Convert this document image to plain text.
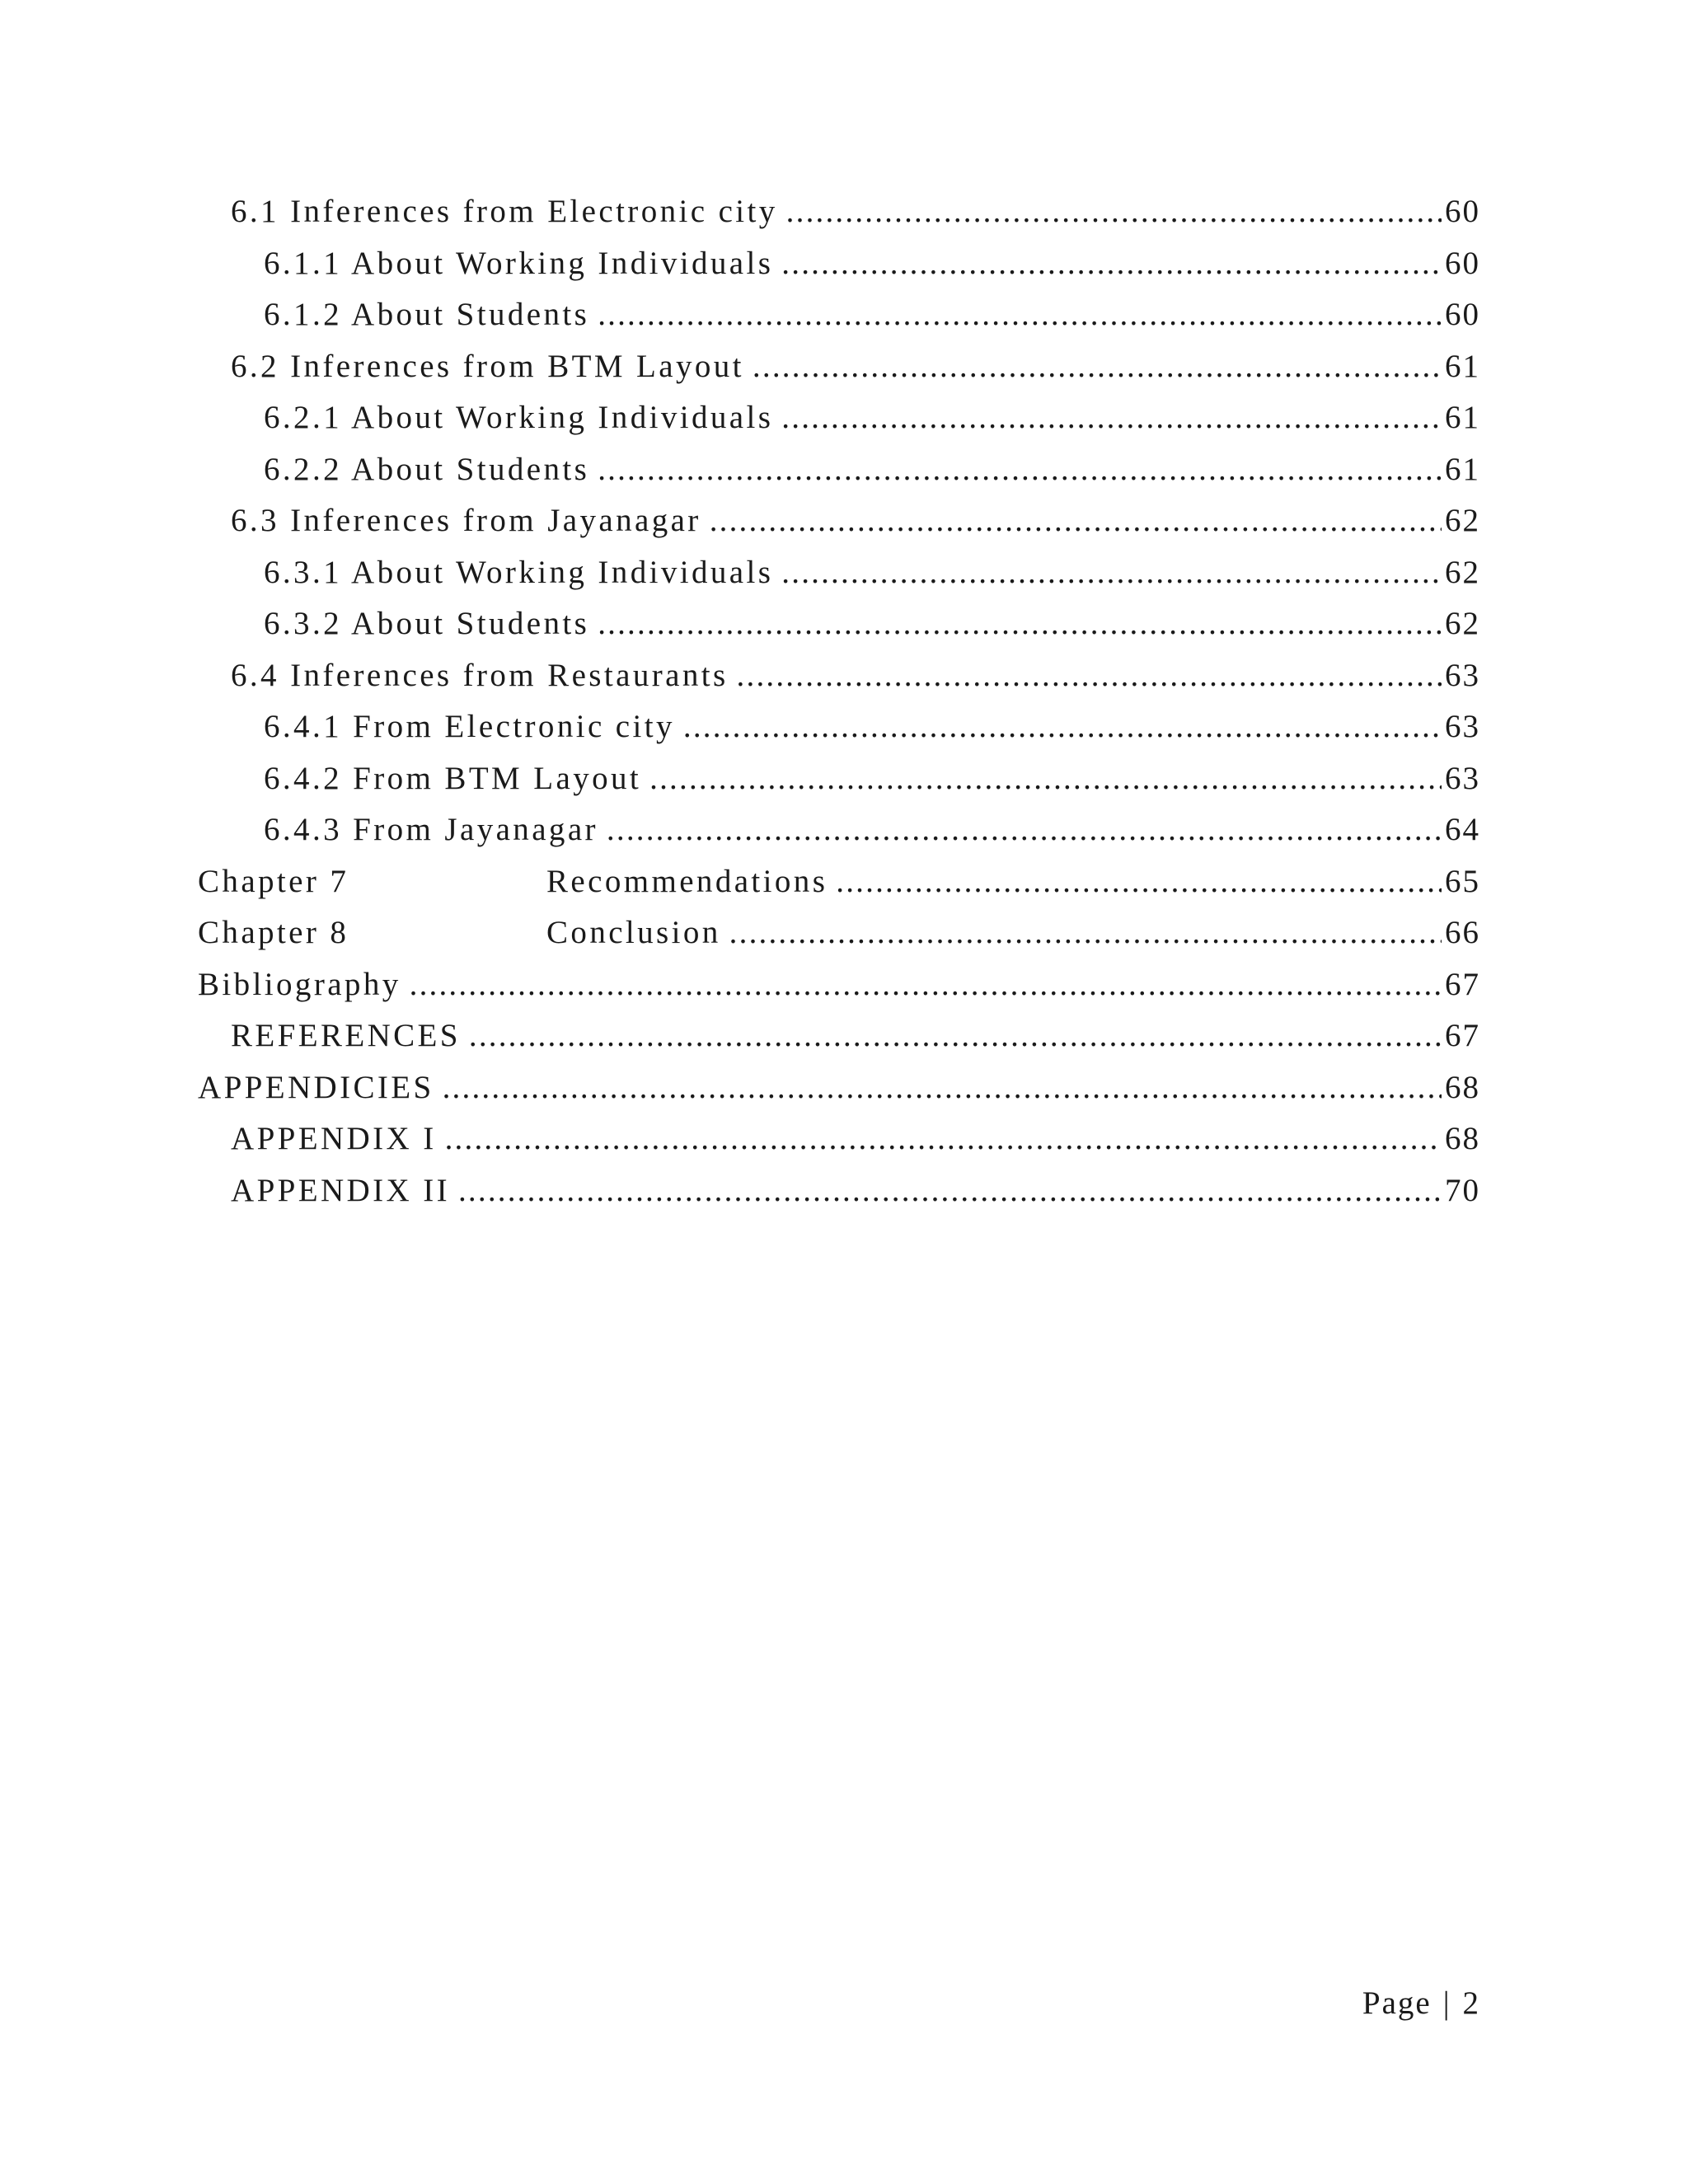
6.1 Inferences from Electronic city .....	60
6.1.1 About Working Individuals .....	60
6.1.2 About Students .....	60
6.2 Inferences from BTM Layout .....	61
6.2.1 About Working Individuals .....	61
6.2.2 About Students .....	61
6.3 Inferences from Jayanagar .....	62
6.3.1 About Working Individuals .....	62
6.3.2 About Students .....	62
6.4 Inferences from Restaurants .....	63
6.4.1 From Electronic city .....	63
6.4.2 From BTM Layout .....	63
6.4.3 From Jayanagar .....	64
Chapter 7	Recommendations .....	65
Chapter 8	Conclusion .....	66
Bibliography .....	67
REFERENCES .....	67
APPENDICIES .....	68
APPENDIX I .....	68
APPENDIX II .....	70
Page | 2
